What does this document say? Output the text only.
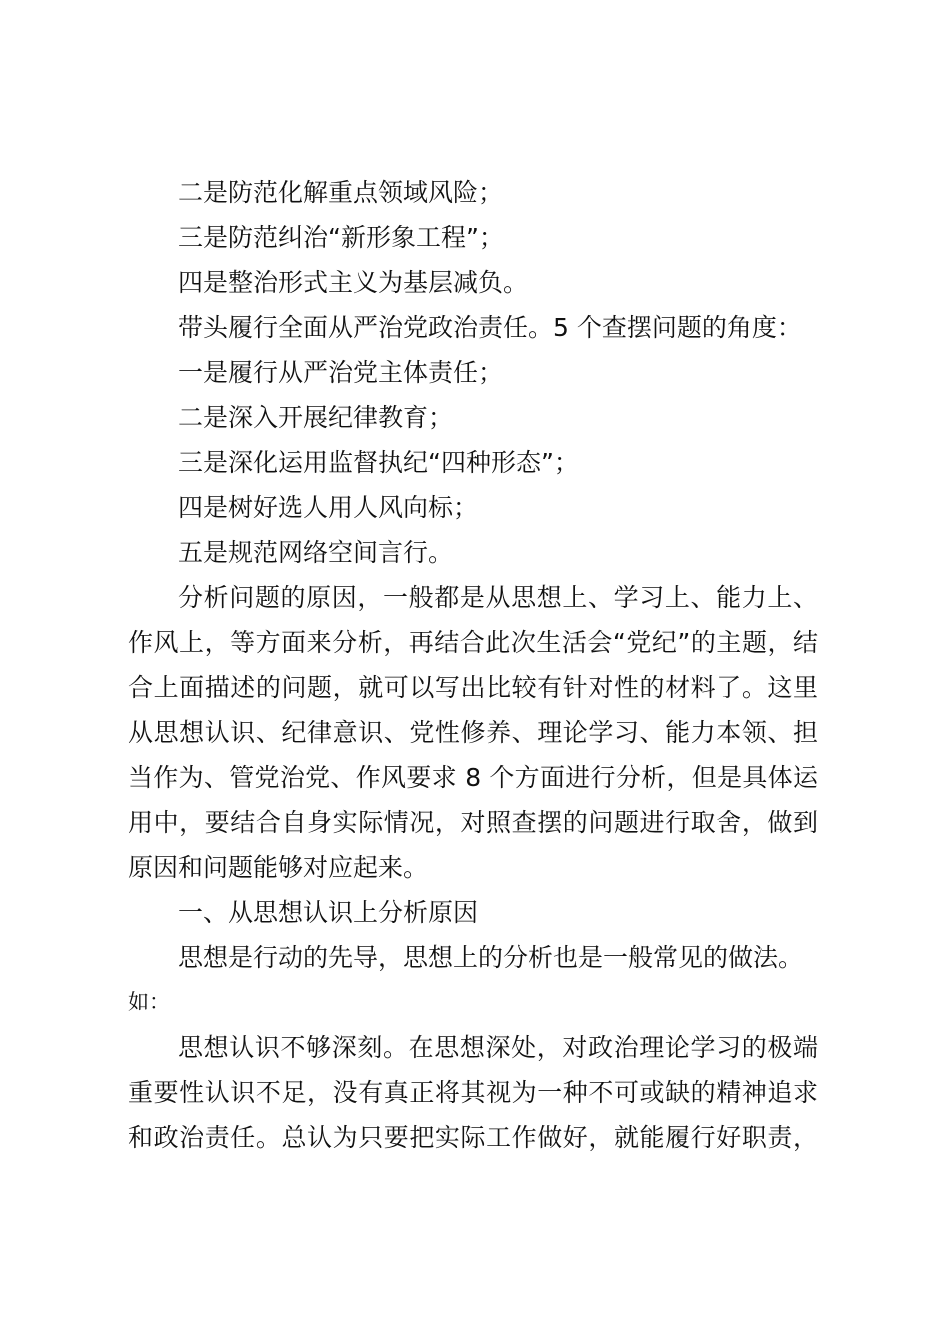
二是防范化解重点领域风险；
三是防范纠治“新形象工程”；
四是整治形式主义为基层减负。
带头履行全面从严治党政治责任。5 个查摆问题的角度：
一是履行从严治党主体责任；
二是深入开展纪律教育；
三是深化运用监督执纪“四种形态”；
四是树好选人用人风向标；
五是规范网络空间言行。
分析问题的原因，一般都是从思想上、学习上、能力上、
作风上，等方面来分析，再结合此次生活会“党纪”的主题，结
合上面描述的问题，就可以写出比较有针对性的材料了。这里
从思想认识、纪律意识、党性修养、理论学习、能力本领、担
当作为、管党治党、作风要求 8 个方面进行分析，但是具体运
用中，要结合自身实际情况，对照查摆的问题进行取舍，做到
原因和问题能够对应起来。
一、从思想认识上分析原因
思想是行动的先导，思想上的分析也是一般常见的做法。
如：
思想认识不够深刻。在思想深处，对政治理论学习的极端
重要性认识不足，没有真正将其视为一种不可或缺的精神追求
和政治责任。总认为只要把实际工作做好，就能履行好职责，
